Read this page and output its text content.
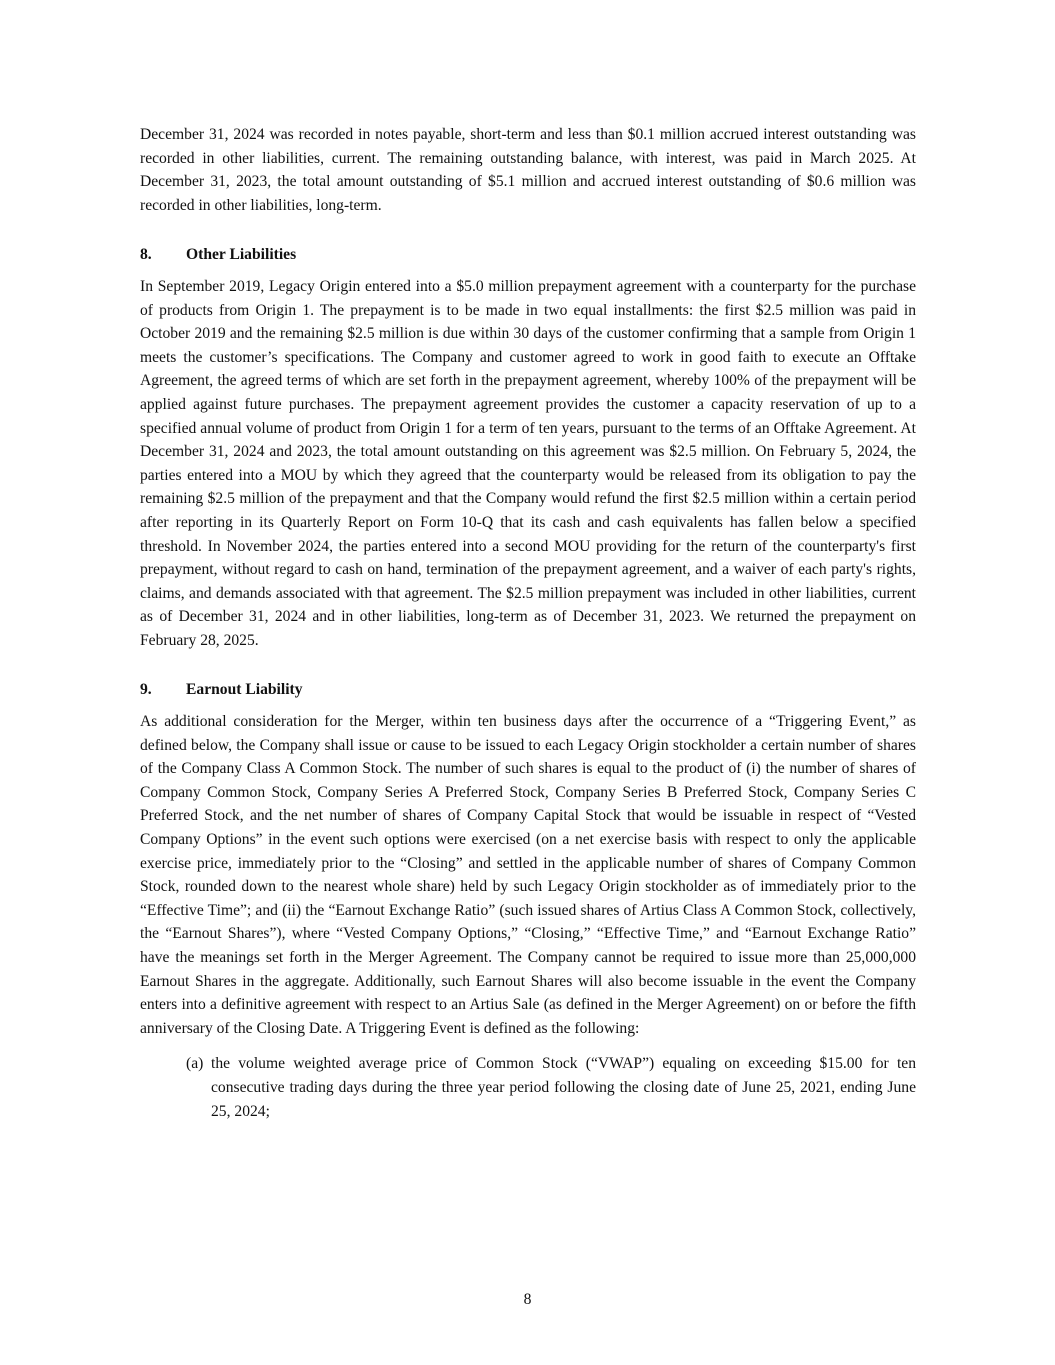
December 31, 2024 was recorded in notes payable, short-term and less than $0.1 million accrued interest outstanding was recorded in other liabilities, current. The remaining outstanding balance, with interest, was paid in March 2025. At December 31, 2023, the total amount outstanding of $5.1 million and accrued interest outstanding of $0.6 million was recorded in other liabilities, long-term.

8.	Other Liabilities

In September 2019, Legacy Origin entered into a $5.0 million prepayment agreement with a counterparty for the purchase of products from Origin 1. The prepayment is to be made in two equal installments: the first $2.5 million was paid in October 2019 and the remaining $2.5 million is due within 30 days of the customer confirming that a sample from Origin 1 meets the customer’s specifications. The Company and customer agreed to work in good faith to execute an Offtake Agreement, the agreed terms of which are set forth in the prepayment agreement, whereby 100% of the prepayment will be applied against future purchases. The prepayment agreement provides the customer a capacity reservation of up to a specified annual volume of product from Origin 1 for a term of ten years, pursuant to the terms of an Offtake Agreement. At December 31, 2024 and 2023, the total amount outstanding on this agreement was $2.5 million. On February 5, 2024, the parties entered into a MOU by which they agreed that the counterparty would be released from its obligation to pay the remaining $2.5 million of the prepayment and that the Company would refund the first $2.5 million within a certain period after reporting in its Quarterly Report on Form 10-Q that its cash and cash equivalents has fallen below a specified threshold. In November 2024, the parties entered into a second MOU providing for the return of the counterparty's first prepayment, without regard to cash on hand, termination of the prepayment agreement, and a waiver of each party's rights, claims, and demands associated with that agreement. The $2.5 million prepayment was included in other liabilities, current as of December 31, 2024 and in other liabilities, long-term as of December 31, 2023. We returned the prepayment on February 28, 2025.

9.	Earnout Liability

As additional consideration for the Merger, within ten business days after the occurrence of a “Triggering Event,” as defined below, the Company shall issue or cause to be issued to each Legacy Origin stockholder a certain number of shares of the Company Class A Common Stock. The number of such shares is equal to the product of (i) the number of shares of Company Common Stock, Company Series A Preferred Stock, Company Series B Preferred Stock, Company Series C Preferred Stock, and the net number of shares of Company Capital Stock that would be issuable in respect of “Vested Company Options” in the event such options were exercised (on a net exercise basis with respect to only the applicable exercise price, immediately prior to the “Closing” and settled in the applicable number of shares of Company Common Stock, rounded down to the nearest whole share) held by such Legacy Origin stockholder as of immediately prior to the “Effective Time”; and (ii) the “Earnout Exchange Ratio” (such issued shares of Artius Class A Common Stock, collectively, the “Earnout Shares”), where “Vested Company Options,” “Closing,” “Effective Time,” and “Earnout Exchange Ratio” have the meanings set forth in the Merger Agreement. The Company cannot be required to issue more than 25,000,000 Earnout Shares in the aggregate. Additionally, such Earnout Shares will also become issuable in the event the Company enters into a definitive agreement with respect to an Artius Sale (as defined in the Merger Agreement) on or before the fifth anniversary of the Closing Date. A Triggering Event is defined as the following:

(a) the volume weighted average price of Common Stock (“VWAP”) equaling on exceeding $15.00 for ten consecutive trading days during the three year period following the closing date of June 25, 2021, ending June 25, 2024;
8
